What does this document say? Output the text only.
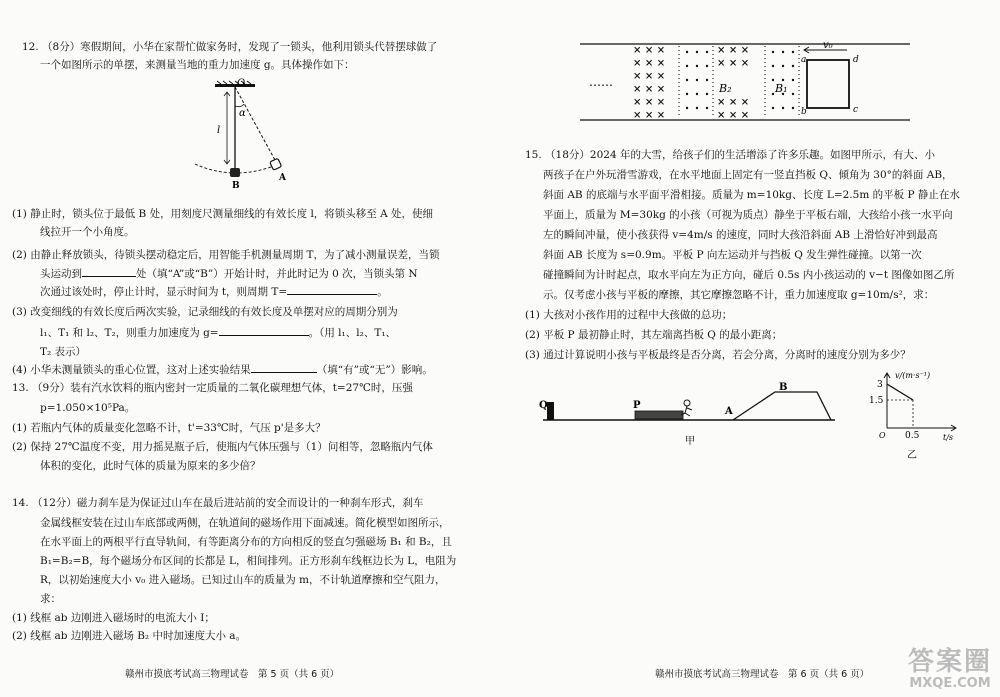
12. （8分）寒假期间，小华在家帮忙做家务时，发现了一锁头，他利用锁头代替摆球做了
一个如图所示的单摆，来测量当地的重力加速度 g。具体操作如下：
O
α
l
B
A
(1) 静止时，锁头位于最低 B 处，用刻度尺测量细线的有效长度 l，将锁头移至 A 处，使细
线拉开一个小角度。
(2) 由静止释放锁头，待锁头摆动稳定后，用智能手机测量周期 T，为了减小测量误差，当锁
头运动到	处（填“A”或“B”）开始计时，并此时记为 0 次，当锁头第 N
次通过该处时，停止计时，显示时间为 t，则周期 T=	。
(3) 改变细线的有效长度后两次实验，记录细线的有效长度及单摆对应的周期分别为
l₁、T₁ 和 l₂、T₂，则重力加速度为 g=	。（用 l₁、l₂、T₁、
T₂ 表示）
(4) 小华未测量锁头的重心位置，这对上述实验结果	（填“有”或“无”）影响。
13. （9分）装有汽水饮料的瓶内密封一定质量的二氧化碳理想气体，t=27℃时，压强
p=1.050×10⁵Pa。
(1) 若瓶内气体的质量变化忽略不计，t'=33℃时，气压 p'是多大？
(2) 保持 27℃温度不变，用力摇晃瓶子后，使瓶内气体压强与（1）问相等，忽略瓶内气体
体积的变化，此时气体的质量为原来的多少倍？
14. （12分）磁力刹车是为保证过山车在最后进站前的安全而设计的一种刹车形式，刹车
金属线框安装在过山车底部或两侧，在轨道间的磁场作用下面减速。简化模型如图所示，
在水平面上的两根平行直导轨间，有等距离分布的方向相反的竖直匀强磁场 B₁ 和 B₂，且
B₁=B₂=B，每个磁场分布区间的长都是 L，相间排列。正方形刹车线框边长为 L，电阻为
R，以初始速度大小 v₀ 进入磁场。已知过山车的质量为 m，不计轨道摩擦和空气阻力，
求：
(1) 线框 ab 边刚进入磁场时的电流大小 I；
(2) 线框 ab 边刚进入磁场 B₂ 中时加速度大小 a。
赣州市摸底考试高三物理试卷　第 5 页（共 6 页）
× × ×
× × ×
× × ×
× × ×
× × ×
× × ×
× × ×
× × ×
× × ×
× × ×
……
v₀
a	d
b	c
B₂	B₁
15. （18分）2024 年的大雪，给孩子们的生活增添了许多乐趣。如图甲所示，有大、小
两孩子在户外玩滑雪游戏，在水平地面上固定有一竖直挡板 Q、倾角为 30°的斜面 AB，
斜面 AB 的底端与水平面平滑相接。质量为 m=10kg、长度 L=2.5m 的平板 P 静止在水
平面上，质量为 M=30kg 的小孩（可视为质点）静坐于平板右端，大孩给小孩一水平向
左的瞬间冲量，使小孩获得 v=4m/s 的速度，同时大孩沿斜面 AB 上滑恰好冲到最高
斜面 AB 长度为 s=0.9m。平板 P 向左运动并与挡板 Q 发生弹性碰撞。以第一次
碰撞瞬间为计时起点，取水平向左为正方向，碰后 0.5s 内小孩运动的 v−t 图像如图乙所
示。仅考虑小孩与平板的摩擦，其它摩擦忽略不计，重力加速度取 g=10m/s²，求：
(1) 大孩对小孩作用的过程中大孩做的总功；
(2) 平板 P 最初静止时，其左端离挡板 Q 的最小距离；
(3) 通过计算说明小孩与平板最终是否分离，若会分离，分离时的速度分别为多少？
Q	P
A
B
甲
v/(m·s⁻¹)
3
1.5
O 0.5	t/s
乙
赣州市摸底考试高三物理试卷　第 6 页（共 6 页） 答案圈
MXQE.COM
